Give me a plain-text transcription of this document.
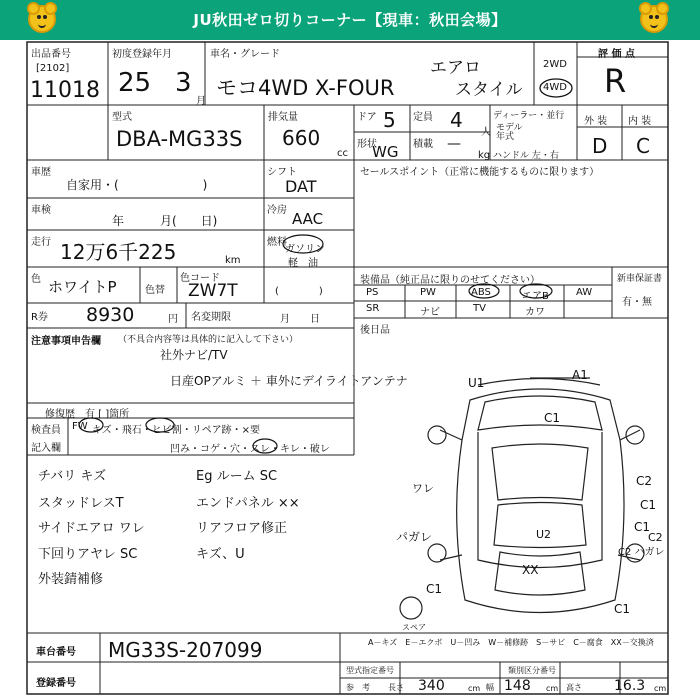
JU秋田ゼロ切りコーナー【現車：秋田会場】
出品番号
[2102]
11018
初度登録年月
25 3
月
車名・グレード
モコ4WD X-FOUR
エアロ
スタイル
2WD
4WD
評 価 点
R
型式
DBA-MG33S
排気量
660
cc
ドア 5 定員 4
人
形状
WG 積載 —
kg
ディーラー・並行
モデル
年式
ハンドル 左・右
外 装 内 装
D C
車歴
自家用・(　　　　　　　)
車検
年　　　月(　　日)
走行 12万6千225	km
色 ホワイトP	色替
色コード
ZW7T
R券 8930	円 名変期限	月　　日
注意事項申告欄 （不具合内容等は具体的に記入して下さい）
社外ナビ/TV
日産OPアルミ ＋ 車外にデイライトアンテナ
修復歴　有 [ ]箇所
検査員
記入欄
FW キズ・飛石・ヒビ割・リペア跡・×要
凹み・コゲ・穴・スレ・キレ・破レ
シフト
DAT
冷房 AAC
燃料
ガソリン
軽　油
(　　　　)
セールスポイント（正常に機能するものに限ります）
装備品（純正品に限りのせてください）
PS	PW	ABS	エアB	AW
SR	ナビ	TV	カワ
新車保証書
有・無
後日品
チバリ キズ
スタッドレスT
サイドエアロ ワレ
下回りアヤレ SC
外装錆補修
Eg ルーム SC
エンドパネル ××
リアフロア修正
キズ、U
U1
A1
C1
ワレ
C2
C1
C1
C2
U2
C2 ハガレ
パガレ
XX
C1
C1
スペア
A－キズ　E－エクボ　U－凹み　W－補修跡　S－サビ　C－腐食　XX－交換済
車台番号 MG33S-207099
登録番号
型式指定番号	類別区分番号
参　考 長さ 340	cm 幅 148 cm 高さ 16.3 cm
